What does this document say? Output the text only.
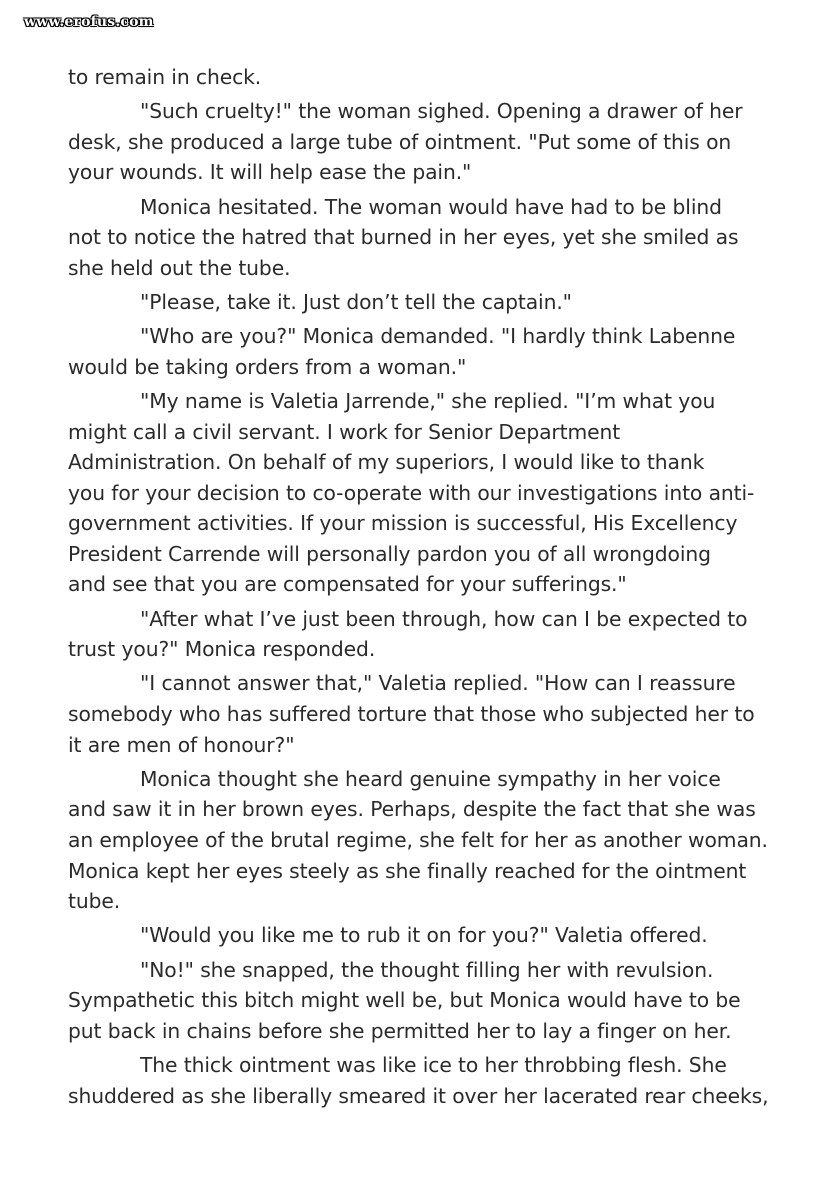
www.erofus.com
to remain in check.
"Such cruelty!" the woman sighed. Opening a drawer of her
desk, she produced a large tube of ointment. "Put some of this on
your wounds. It will help ease the pain."
Monica hesitated. The woman would have had to be blind
not to notice the hatred that burned in her eyes, yet she smiled as
she held out the tube.
"Please, take it. Just don’t tell the captain."
"Who are you?" Monica demanded. "I hardly think Labenne
would be taking orders from a woman."
"My name is Valetia Jarrende," she replied. "I’m what you
might call a civil servant. I work for Senior Department
Administration. On behalf of my superiors, I would like to thank
you for your decision to co-operate with our investigations into anti-
government activities. If your mission is successful, His Excellency
President Carrende will personally pardon you of all wrongdoing
and see that you are compensated for your sufferings."
"After what I’ve just been through, how can I be expected to
trust you?" Monica responded.
"I cannot answer that," Valetia replied. "How can I reassure
somebody who has suffered torture that those who subjected her to
it are men of honour?"
Monica thought she heard genuine sympathy in her voice
and saw it in her brown eyes. Perhaps, despite the fact that she was
an employee of the brutal regime, she felt for her as another woman.
Monica kept her eyes steely as she finally reached for the ointment
tube.
"Would you like me to rub it on for you?" Valetia offered.
"No!" she snapped, the thought filling her with revulsion.
Sympathetic this bitch might well be, but Monica would have to be
put back in chains before she permitted her to lay a finger on her.
The thick ointment was like ice to her throbbing flesh. She
shuddered as she liberally smeared it over her lacerated rear cheeks,
